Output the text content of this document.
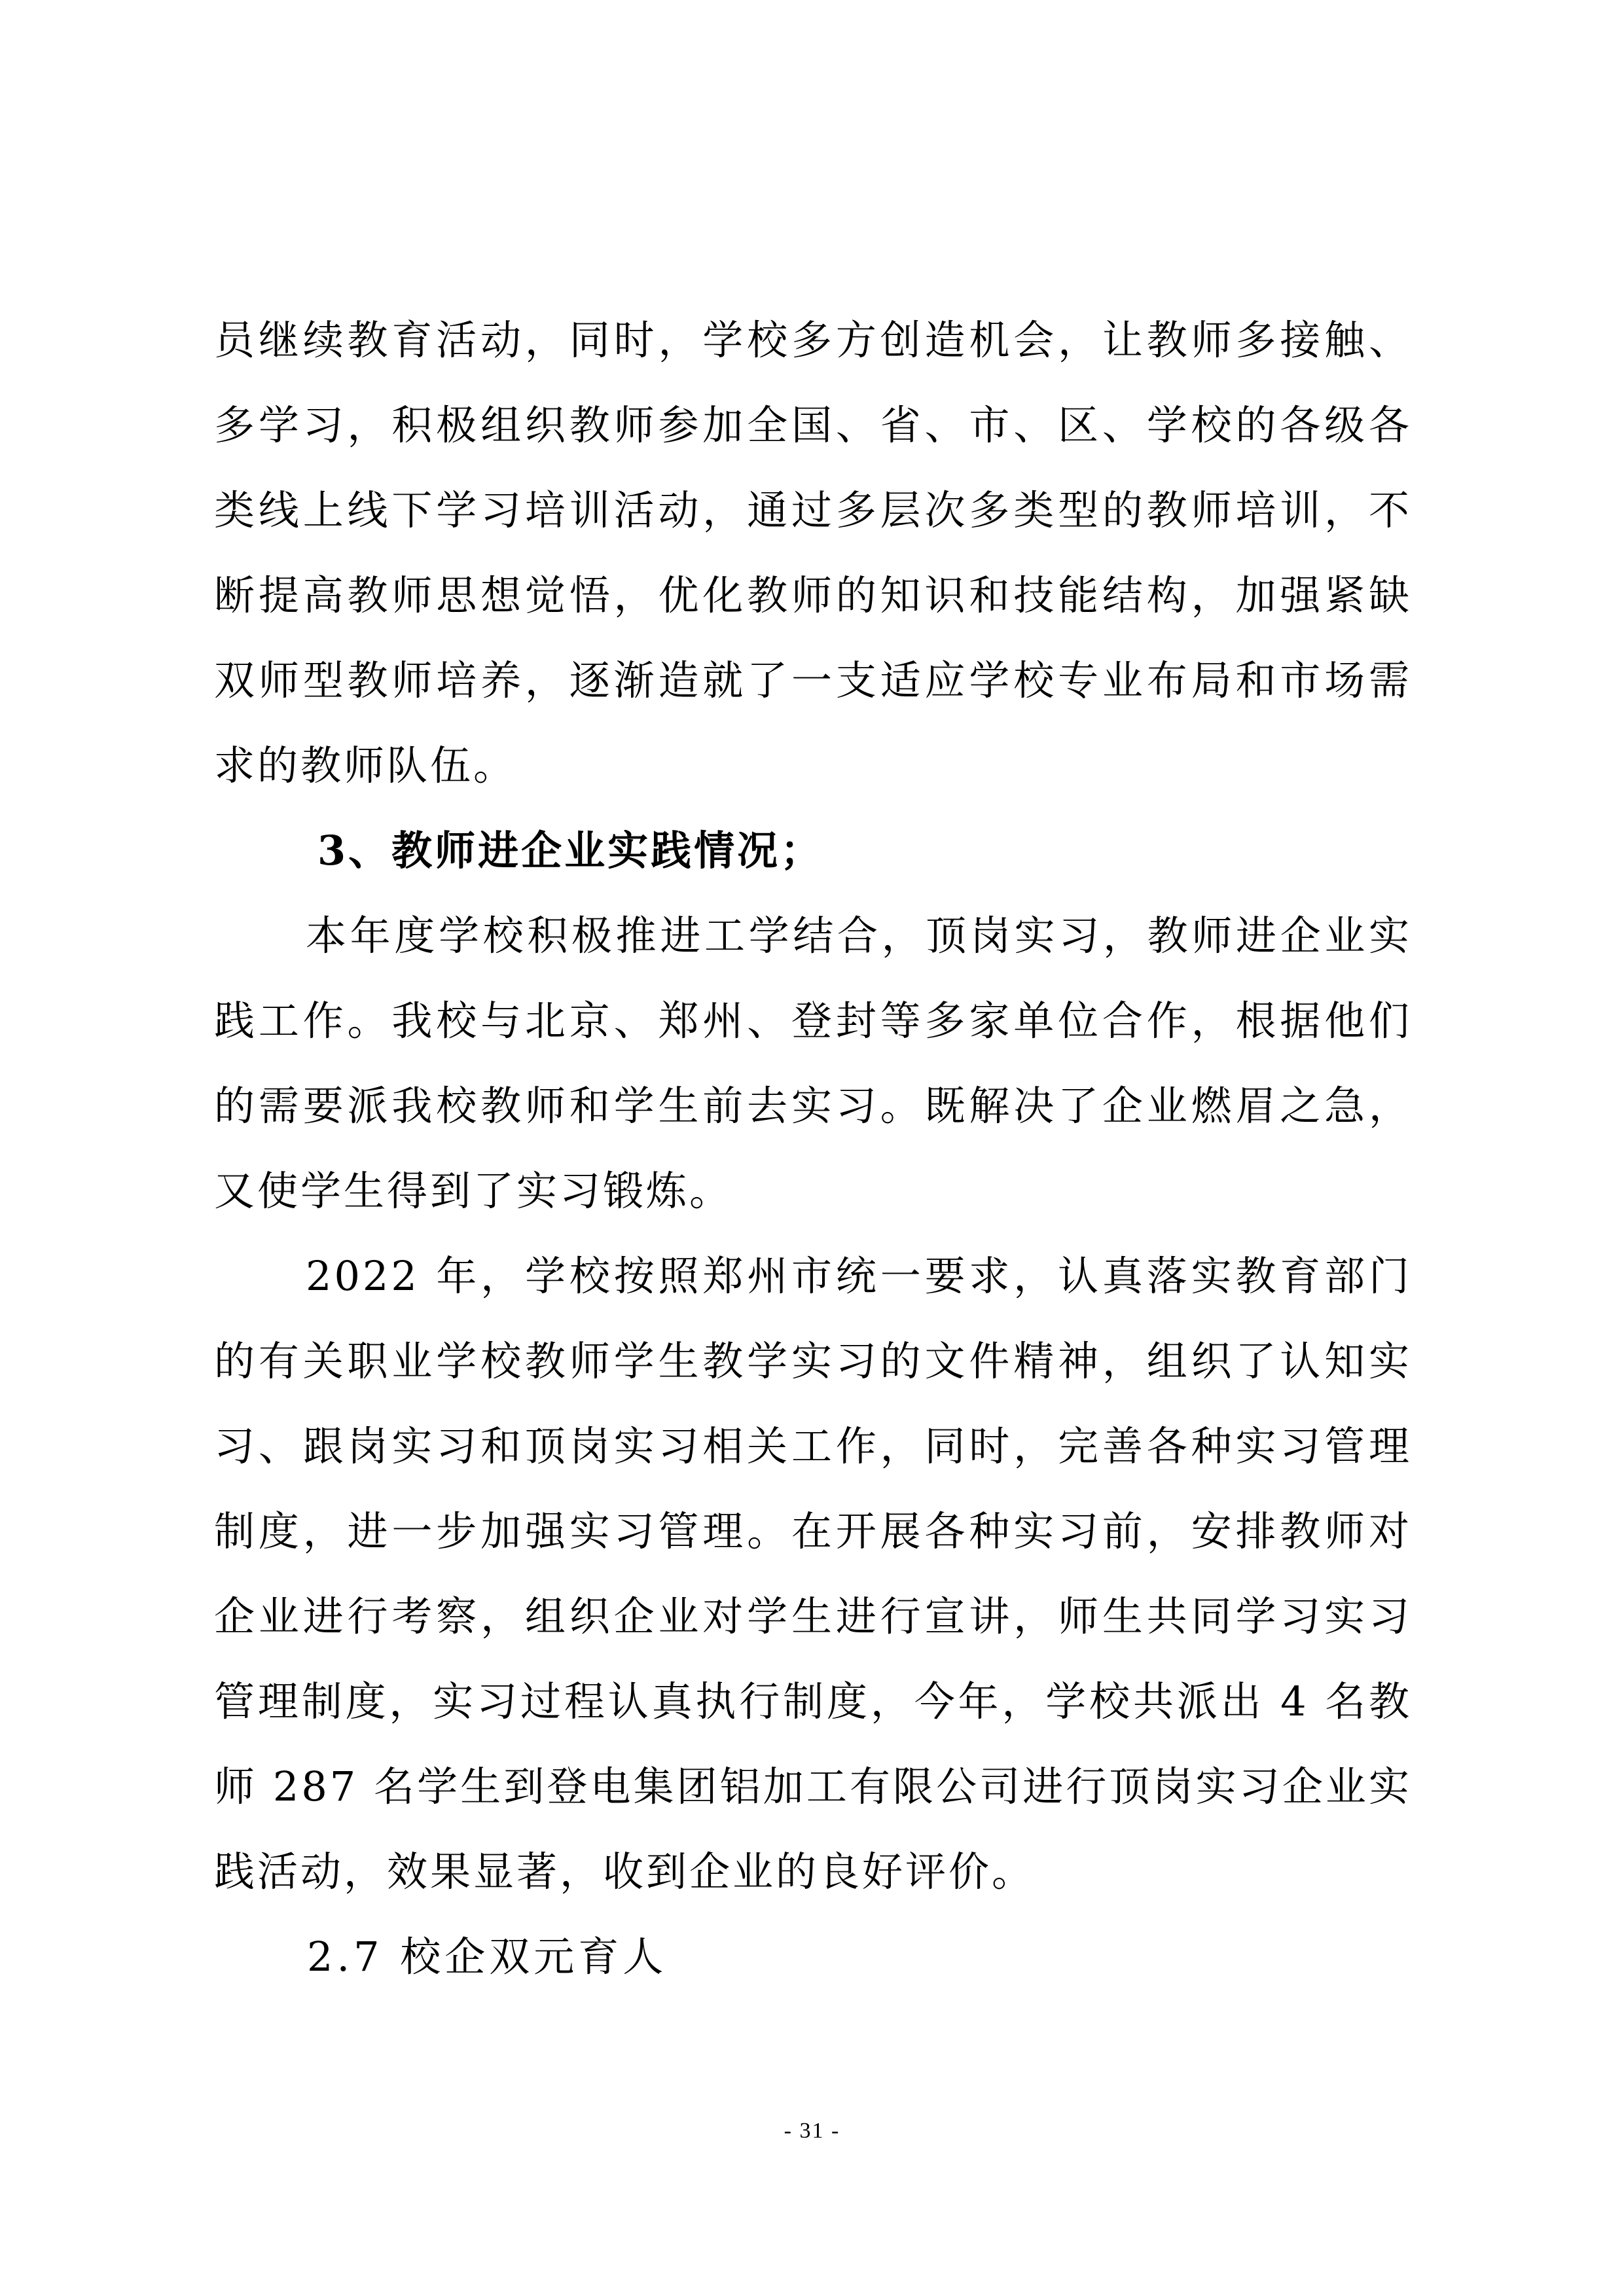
员继续教育活动，同时，学校多方创造机会，让教师多接触、多学习，积极组织教师参加全国、省、市、区、学校的各级各类线上线下学习培训活动，通过多层次多类型的教师培训，不断提高教师思想觉悟，优化教师的知识和技能结构，加强紧缺双师型教师培养，逐渐造就了一支适应学校专业布局和市场需求的教师队伍。

3、教师进企业实践情况；

本年度学校积极推进工学结合，顶岗实习，教师进企业实践工作。我校与北京、郑州、登封等多家单位合作，根据他们的需要派我校教师和学生前去实习。既解决了企业燃眉之急，又使学生得到了实习锻炼。

2022 年，学校按照郑州市统一要求，认真落实教育部门的有关职业学校教师学生教学实习的文件精神，组织了认知实习、跟岗实习和顶岗实习相关工作，同时，完善各种实习管理制度，进一步加强实习管理。在开展各种实习前，安排教师对企业进行考察，组织企业对学生进行宣讲，师生共同学习实习管理制度，实习过程认真执行制度，今年，学校共派出 4 名教师 287 名学生到登电集团铝加工有限公司进行顶岗实习企业实践活动，效果显著，收到企业的良好评价。

2.7 校企双元育人

- 31 -
